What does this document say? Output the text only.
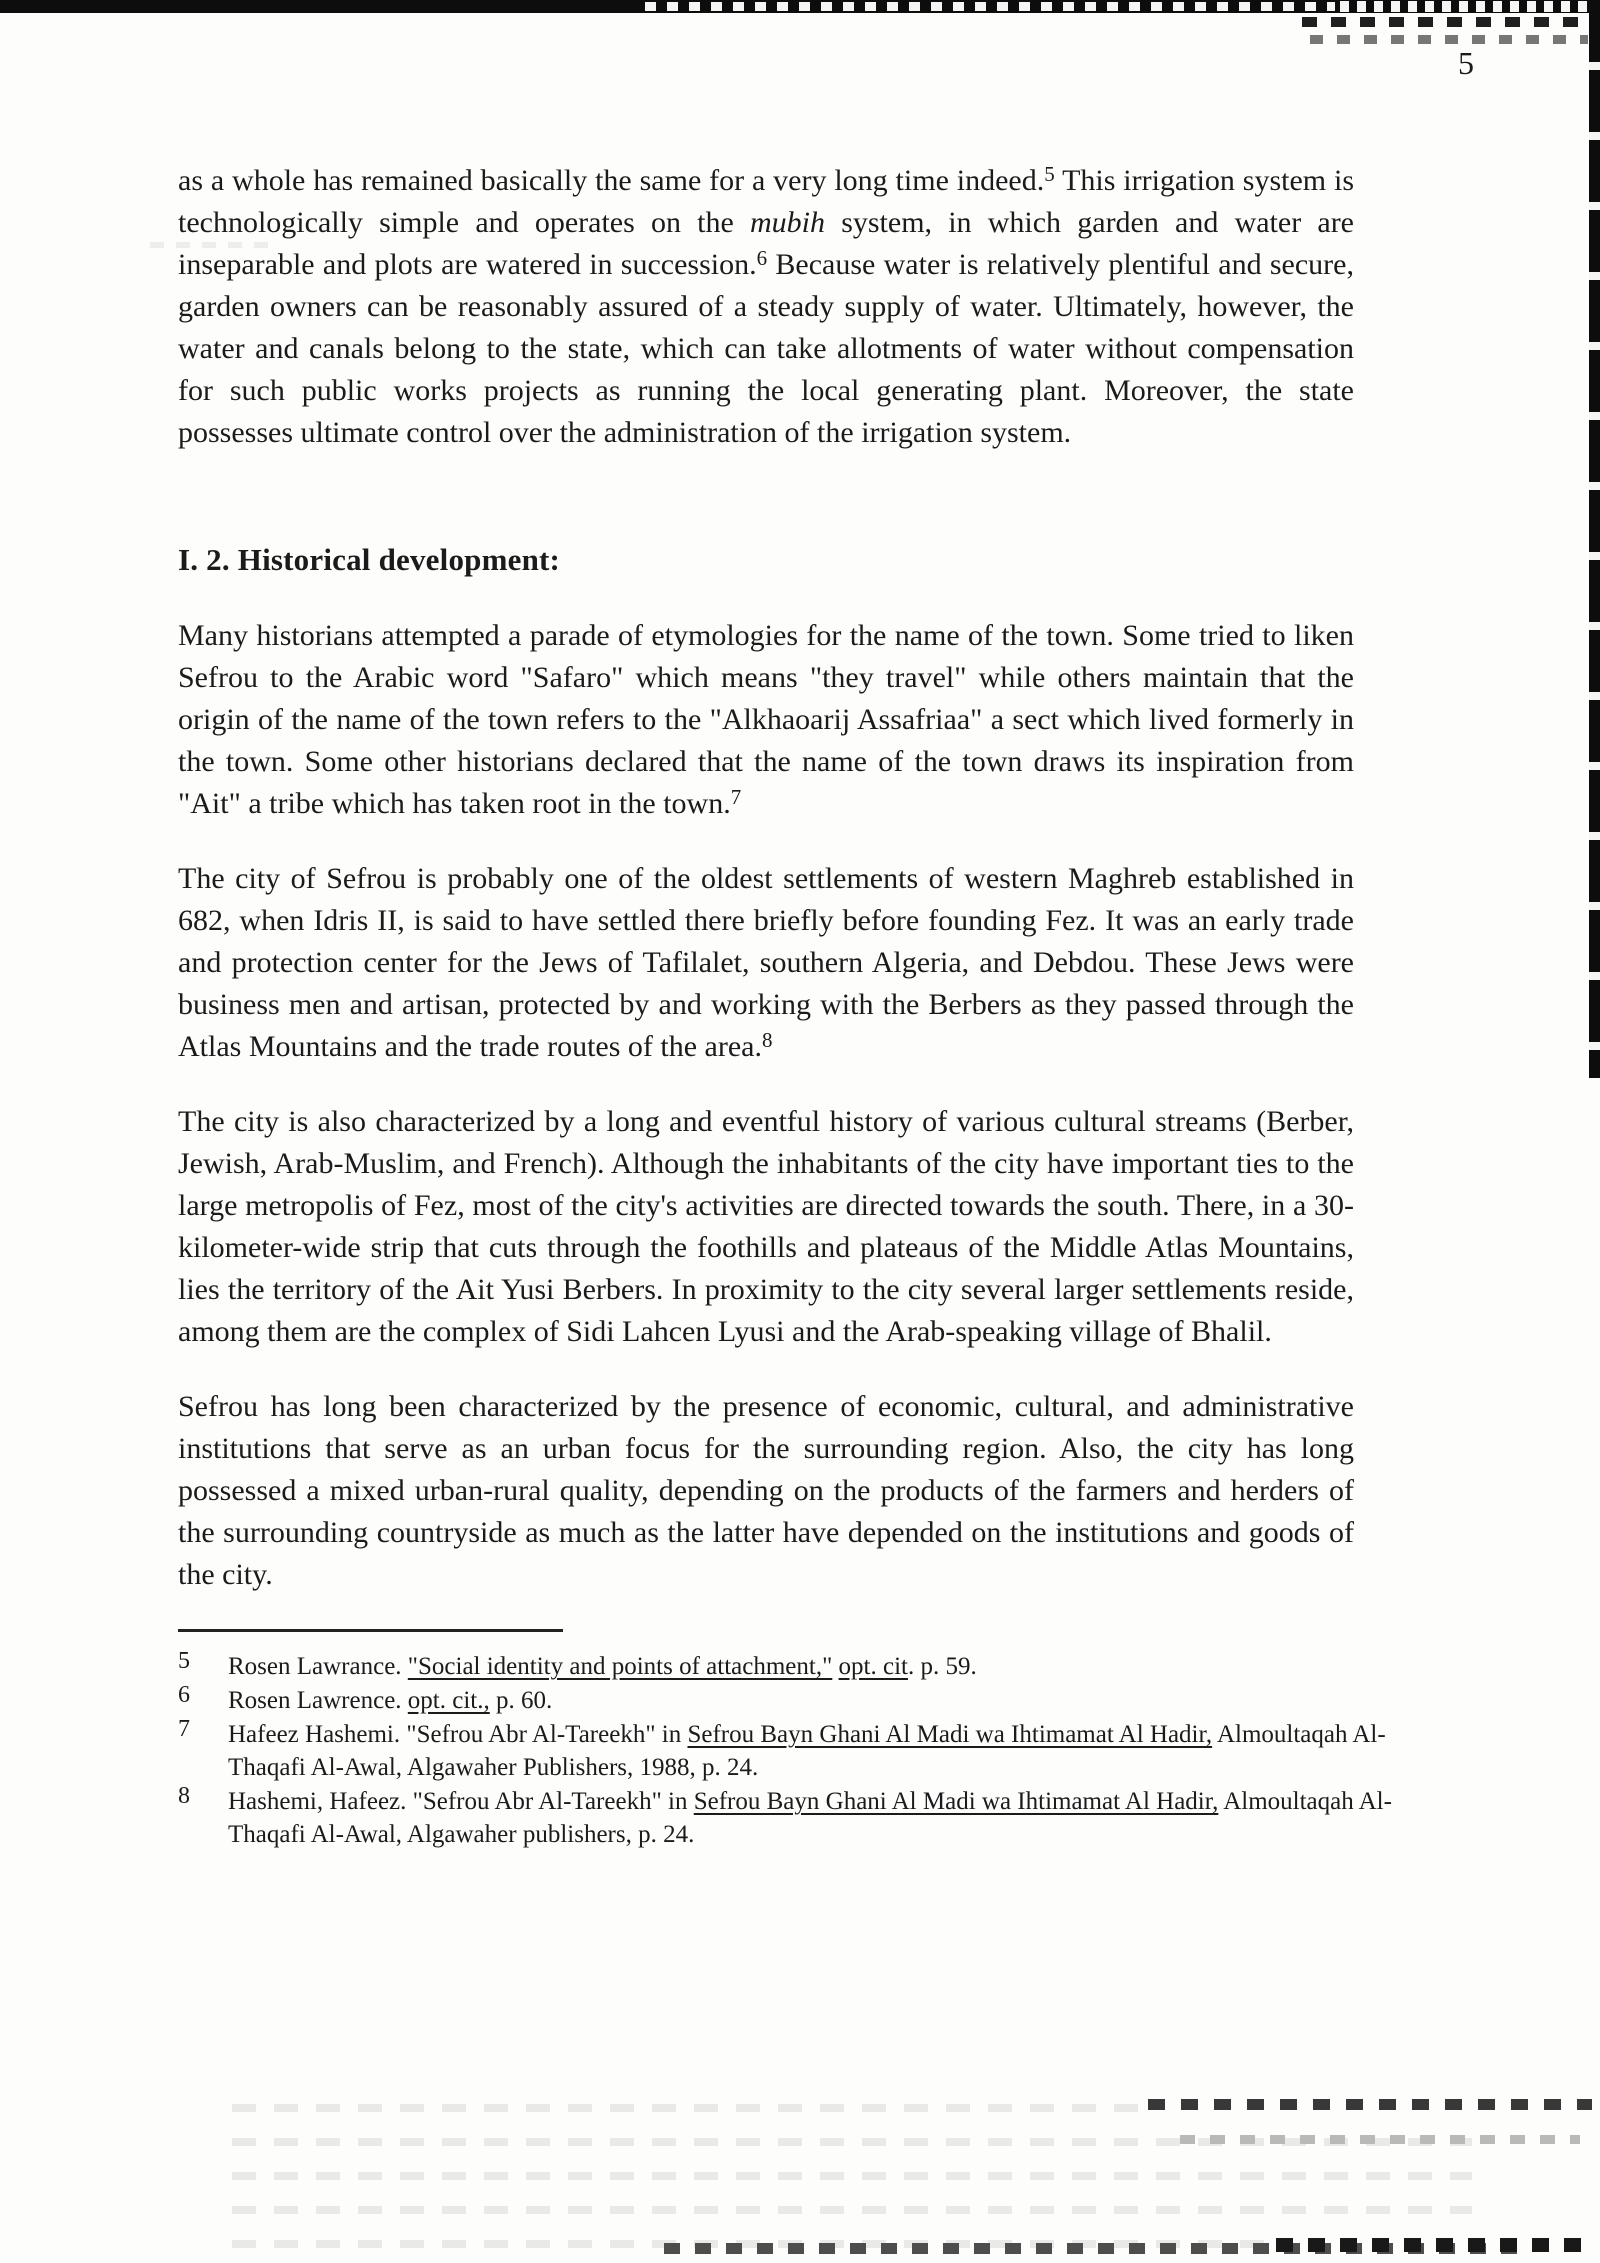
5

as a whole has remained basically the same for a very long time indeed.$^5$ This irrigation system is technologically simple and operates on the mubih system, in which garden and water are inseparable and plots are watered in succession.$^6$ Because water is relatively plentiful and secure, garden owners can be reasonably assured of a steady supply of water. Ultimately, however, the water and canals belong to the state, which can take allotments of water without compensation for such public works projects as running the local generating plant. Moreover, the state possesses ultimate control over the administration of the irrigation system.

I. 2. Historical development:

Many historians attempted a parade of etymologies for the name of the town. Some tried to liken Sefrou to the Arabic word "Safaro" which means "they travel" while others maintain that the origin of the name of the town refers to the "Alkhaoarij Assafriaa" a sect which lived formerly in the town. Some other historians declared that the name of the town draws its inspiration from "Ait" a tribe which has taken root in the town.$^7$

The city of Sefrou is probably one of the oldest settlements of western Maghreb established in 682, when Idris II, is said to have settled there briefly before founding Fez. It was an early trade and protection center for the Jews of Tafilalet, southern Algeria, and Debdou. These Jews were business men and artisan, protected by and working with the Berbers as they passed through the Atlas Mountains and the trade routes of the area.$^8$

The city is also characterized by a long and eventful history of various cultural streams (Berber, Jewish, Arab-Muslim, and French). Although the inhabitants of the city have important ties to the large metropolis of Fez, most of the city's activities are directed towards the south. There, in a 30-kilometer-wide strip that cuts through the foothills and plateaus of the Middle Atlas Mountains, lies the territory of the Ait Yusi Berbers. In proximity to the city several larger settlements reside, among them are the complex of Sidi Lahcen Lyusi and the Arab-speaking village of Bhalil.

Sefrou has long been characterized by the presence of economic, cultural, and administrative institutions that serve as an urban focus for the surrounding region. Also, the city has long possessed a mixed urban-rural quality, depending on the products of the farmers and herders of the surrounding countryside as much as the latter have depended on the institutions and goods of the city.

5	Rosen Lawrance. "Social identity and points of attachment," opt. cit. p. 59.
6	Rosen Lawrence. opt. cit., p. 60.
7	Hafeez Hashemi. "Sefrou Abr Al-Tareekh" in Sefrou Bayn Ghani Al Madi wa Ihtimamat Al Hadir, Almoultaqah Al-Thaqafi Al-Awal, Algawaher Publishers, 1988, p. 24.
8	Hashemi, Hafeez. "Sefrou Abr Al-Tareekh" in Sefrou Bayn Ghani Al Madi wa Ihtimamat Al Hadir, Almoultaqah Al-Thaqafi Al-Awal, Algawaher publishers, p. 24.
